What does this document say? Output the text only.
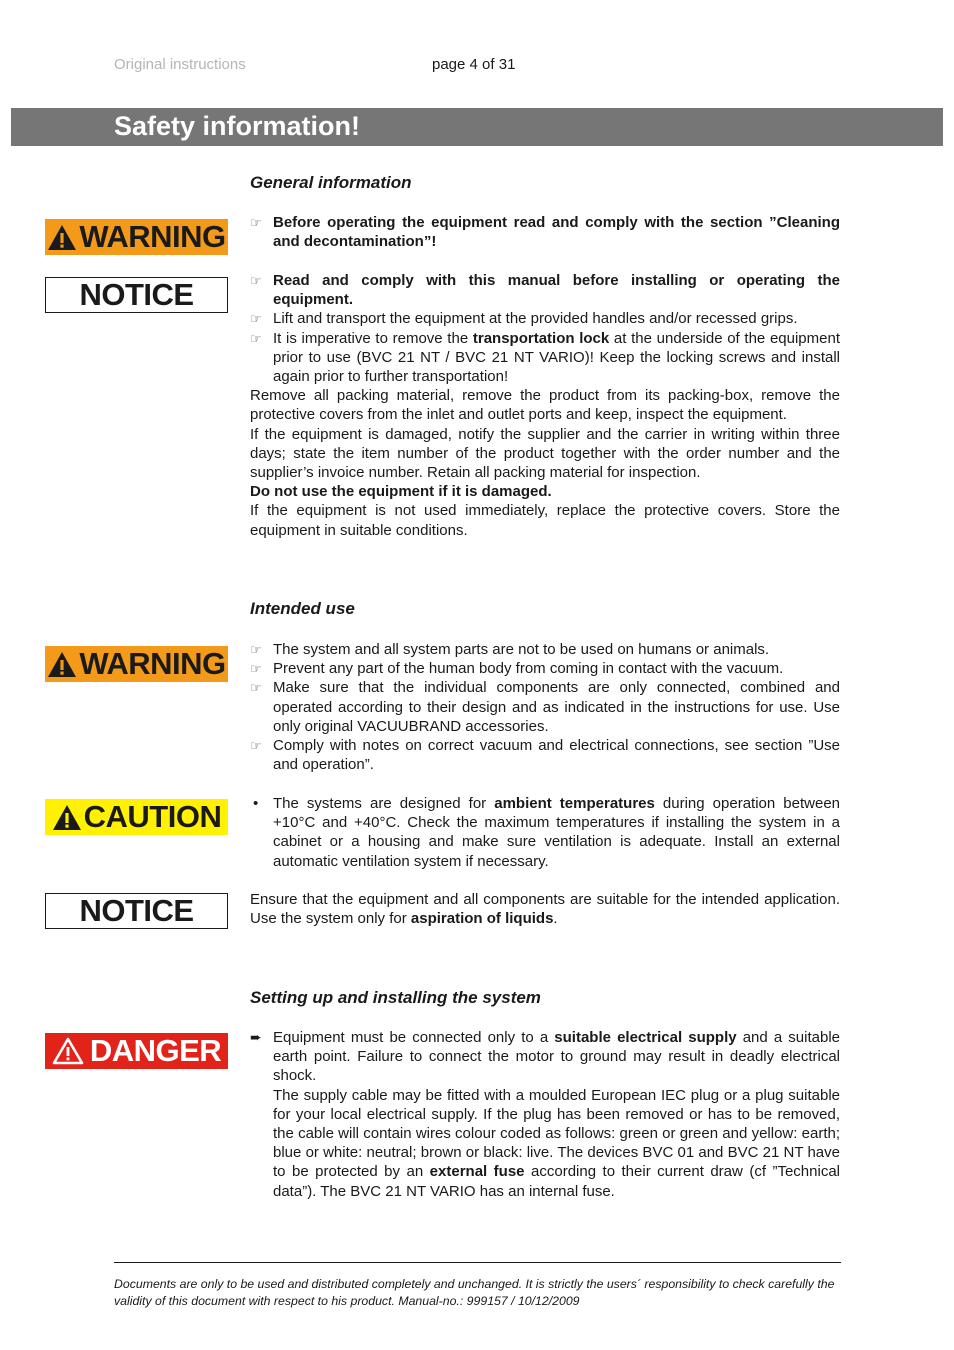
Original instructions	page 4 of 31
Safety information!
General information
WARNING
NOTICE
☞ Before operating the equipment read and comply with the section ”Cleaning and decontamination”!
☞ Read and comply with this manual before installing or operating the equipment.
☞ Lift and transport the equipment at the provided handles and/or recessed grips.
☞ It is imperative to remove the transportation lock at the underside of the equipment prior to use (BVC 21 NT / BVC 21 NT VARIO)! Keep the locking screws and install again prior to further transportation!
Remove all packing material, remove the product from its packing-box, remove the protective covers from the inlet and outlet ports and keep, inspect the equipment.
If the equipment is damaged, notify the supplier and the carrier in writing within three days; state the item number of the product together with the order number and the supplier’s invoice number. Retain all packing material for inspection.
Do not use the equipment if it is damaged.
If the equipment is not used immediately, replace the protective covers. Store the equipment in suitable conditions.
Intended use
WARNING ☞ The system and all system parts are not to be used on humans or animals.
☞ Prevent any part of the human body from coming in contact with the vacuum.
☞ Make sure that the individual components are only connected, combined and operated according to their design and as indicated in the instructions for use. Use only original VACUUBRAND accessories.
☞ Comply with notes on correct vacuum and electrical connections, see section ”Use and operation”.
CAUTION • The systems are designed for ambient temperatures during operation between +10°C and +40°C. Check the maximum temperatures if installing the system in a cabinet or a housing and make sure ventilation is adequate. Install an external automatic ventilation system if necessary.
NOTICE	Ensure that the equipment and all components are suitable for the intended application. Use the system only for aspiration of liquids.
Setting up and installing the system
DANGER ➨ Equipment must be connected only to a suitable electrical supply and a suitable earth point. Failure to connect the motor to ground may result in deadly electrical shock.
The supply cable may be fitted with a moulded European IEC plug or a plug suitable for your local electrical supply. If the plug has been removed or has to be removed, the cable will contain wires colour coded as follows: green or green and yellow: earth; blue or white: neutral; brown or black: live. The devices BVC 01 and BVC 21 NT have to be protected by an external fuse according to their current draw (cf ”Technical data”). The BVC 21 NT VARIO has an internal fuse.
Documents are only to be used and distributed completely and unchanged. It is strictly the users´ responsibility to check carefully the validity of this document with respect to his product. Manual-no.: 999157 / 10/12/2009
